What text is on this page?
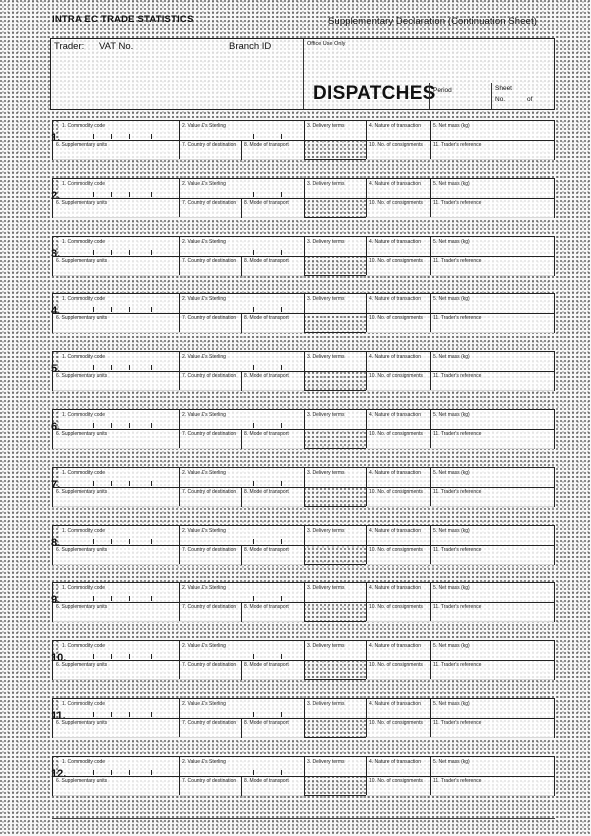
INTRA EC TRADE STATISTICS	Supplementary Declaration (Continuation Sheet)
Trader: VAT No.	Branch ID	Office Use Only
DISPATCHES
Period	Sheet
No.	of
1. Commodity code	2. Value £'s Sterling	3. Delivery terms	4. Nature of transaction 5. Net mass (kg)
6. Supplementary units	7. Country of destination 8. Mode of transport	10. No. of consignments 11. Trader's reference
1.
1. Commodity code	2. Value £'s Sterling	3. Delivery terms	4. Nature of transaction 5. Net mass (kg)
6. Supplementary units	7. Country of destination 8. Mode of transport	10. No. of consignments 11. Trader's reference
2.
1. Commodity code	2. Value £'s Sterling	3. Delivery terms	4. Nature of transaction 5. Net mass (kg)
6. Supplementary units	7. Country of destination 8. Mode of transport	10. No. of consignments 11. Trader's reference
3.
1. Commodity code	2. Value £'s Sterling	3. Delivery terms	4. Nature of transaction 5. Net mass (kg)
6. Supplementary units	7. Country of destination 8. Mode of transport	10. No. of consignments 11. Trader's reference
4.
1. Commodity code	2. Value £'s Sterling	3. Delivery terms	4. Nature of transaction 5. Net mass (kg)
6. Supplementary units	7. Country of destination 8. Mode of transport	10. No. of consignments 11. Trader's reference
5.
1. Commodity code	2. Value £'s Sterling	3. Delivery terms	4. Nature of transaction 5. Net mass (kg)
6. Supplementary units	7. Country of destination 8. Mode of transport	10. No. of consignments 11. Trader's reference
6.
1. Commodity code	2. Value £'s Sterling	3. Delivery terms	4. Nature of transaction 5. Net mass (kg)
6. Supplementary units	7. Country of destination 8. Mode of transport	10. No. of consignments 11. Trader's reference
7.
1. Commodity code	2. Value £'s Sterling	3. Delivery terms	4. Nature of transaction 5. Net mass (kg)
6. Supplementary units	7. Country of destination 8. Mode of transport	10. No. of consignments 11. Trader's reference
8.
1. Commodity code	2. Value £'s Sterling	3. Delivery terms	4. Nature of transaction 5. Net mass (kg)
6. Supplementary units	7. Country of destination 8. Mode of transport	10. No. of consignments 11. Trader's reference
9.
1. Commodity code	2. Value £'s Sterling	3. Delivery terms	4. Nature of transaction 5. Net mass (kg)
6. Supplementary units	7. Country of destination 8. Mode of transport	10. No. of consignments 11. Trader's reference
10.
1. Commodity code	2. Value £'s Sterling	3. Delivery terms	4. Nature of transaction 5. Net mass (kg)
6. Supplementary units	7. Country of destination 8. Mode of transport	10. No. of consignments 11. Trader's reference
11.
1. Commodity code	2. Value £'s Sterling	3. Delivery terms	4. Nature of transaction 5. Net mass (kg)
6. Supplementary units	7. Country of destination 8. Mode of transport	10. No. of consignments 11. Trader's reference
12.
